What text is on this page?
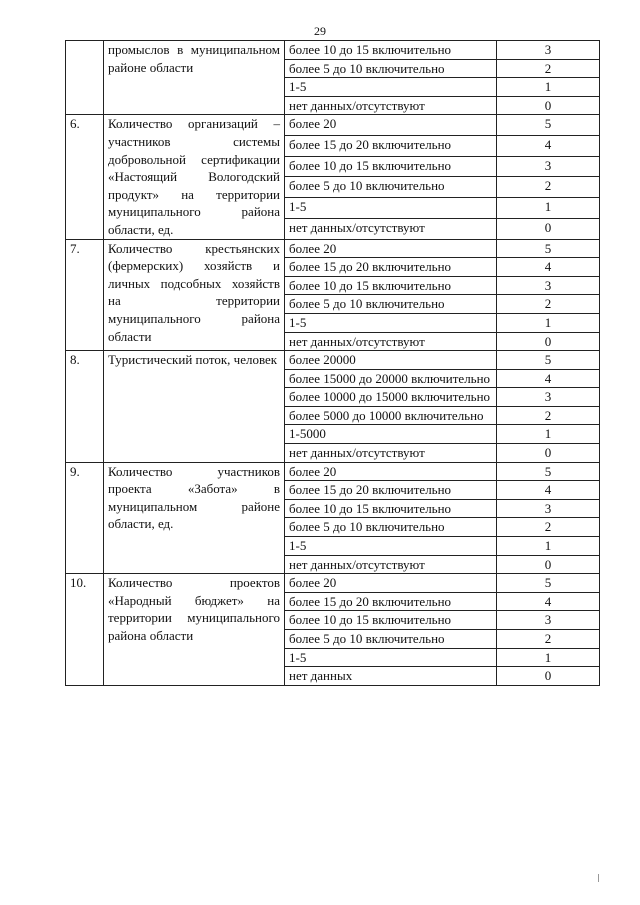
29
	промыслов в муниципальном районе области	более 10 до 15 включительно	3
		более 5 до 10 включительно	2
		1-5	1
		нет данных/отсутствуют	0
6.	Количество организаций – участников системы добровольной сертификации «Настоящий Вологодский продукт» на территории муниципального района области, ед.	более 20	5
		более 15 до 20 включительно	4
		более 10 до 15 включительно	3
		более 5 до 10 включительно	2
		1-5	1
		нет данных/отсутствуют	0
7.	Количество крестьянских (фермерских) хозяйств и личных подсобных хозяйств на территории муниципального района области	более 20	5
		более 15 до 20 включительно	4
		более 10 до 15 включительно	3
		более 5 до 10 включительно	2
		1-5	1
		нет данных/отсутствуют	0
8.	Туристический поток, человек	более 20000	5
		более 15000 до 20000 включительно	4
		более 10000 до 15000 включительно	3
		более 5000 до 10000 включительно	2
		1-5000	1
		нет данных/отсутствуют	0
9.	Количество участников проекта «Забота» в муниципальном районе области, ед.	более 20	5
		более 15 до 20 включительно	4
		более 10 до 15 включительно	3
		более 5 до 10 включительно	2
		1-5	1
		нет данных/отсутствуют	0
10.	Количество проектов «Народный бюджет» на территории муниципального района области	более 20	5
		более 15 до 20 включительно	4
		более 10 до 15 включительно	3
		более 5 до 10 включительно	2
		1-5	1
		нет данных	0
